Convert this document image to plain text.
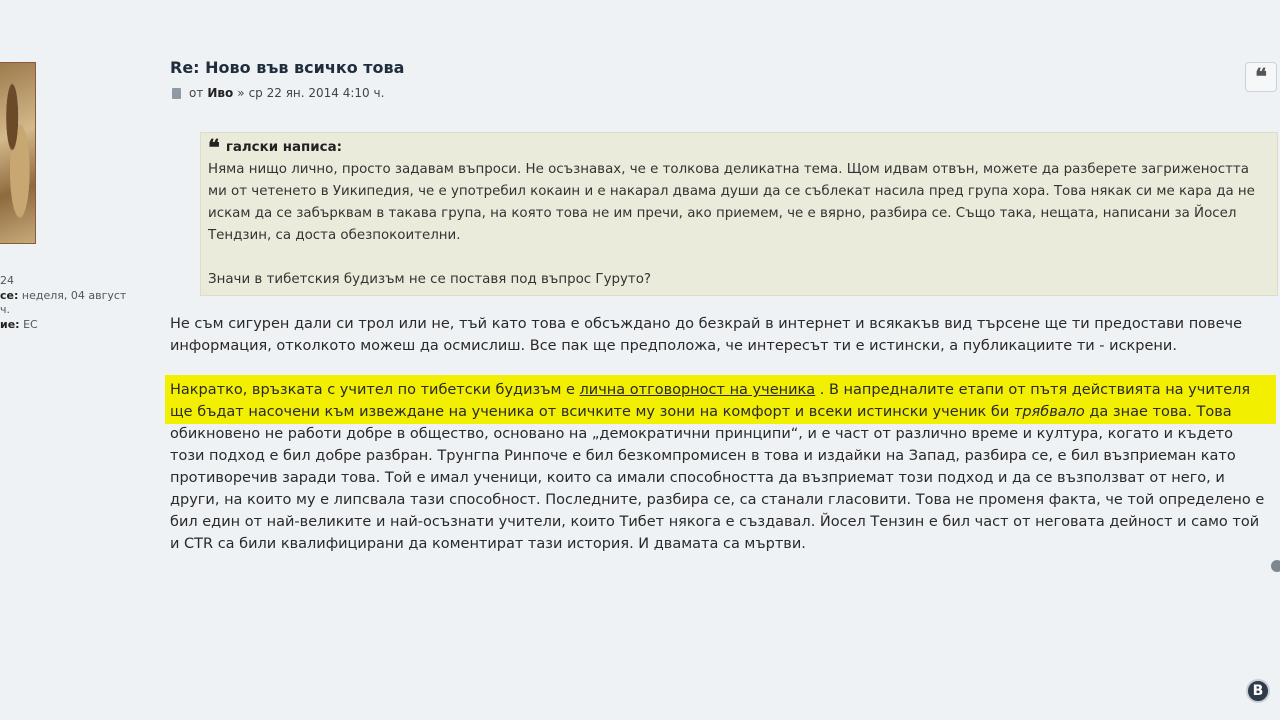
24
се: неделя, 04 август
ч.
ие: ЕС
Re: Ново във всичко това
от Иво » ср 22 ян. 2014 4:10 ч.
❝
❝ галски написа:

Няма нищо лично, просто задавам въпроси. Не осъзнавах, че е толкова деликатна тема. Щом идвам отвън, можете да разберете загрижеността ми от четенето в Уикипедия, че е употребил кокаин и е накарал двама души да се съблекат насила пред група хора. Това някак си ме кара да не искам да се забърквам в такава група, на която това не им пречи, ако приемем, че е вярно, разбира се. Също така, нещата, написани за Йосел Тендзин, са доста обезпокоителни.

Значи в тибетския будизъм не се поставя под въпрос Гуруто?

Не съм сигурен дали си трол или не, тъй като това е обсъждано до безкрай в интернет и всякакъв вид търсене ще ти предостави повече информация, отколкото можеш да осмислиш. Все пак ще предположа, че интересът ти е истински, а публикациите ти - искрени.

Накратко, връзката с учител по тибетски будизъм е лична отговорност на ученика . В напредналите етапи от пътя действията на учителя ще бъдат насочени към извеждане на ученика от всичките му зони на комфорт и всеки истински ученик би трябвало да знае това. Това обикновено не работи добре в общество, основано на „демократични принципи“, и е част от различно време и култура, когато и където този подход е бил добре разбран. Трунгпа Ринпоче е бил безкомпромисен в това и издайки на Запад, разбира се, е бил възприеман като противоречив заради това. Той е имал ученици, които са имали способността да възприемат този подход и да се възползват от него, и други, на които му е липсвала тази способност. Последните, разбира се, са станали гласовити. Това не променя факта, че той определено е бил един от най-великите и най-осъзнати учители, които Тибет някога е създавал. Йосел Тензин е бил част от неговата дейност и само той и CTR са били квалифицирани да коментират тази история. И двамата са мъртви.

B
